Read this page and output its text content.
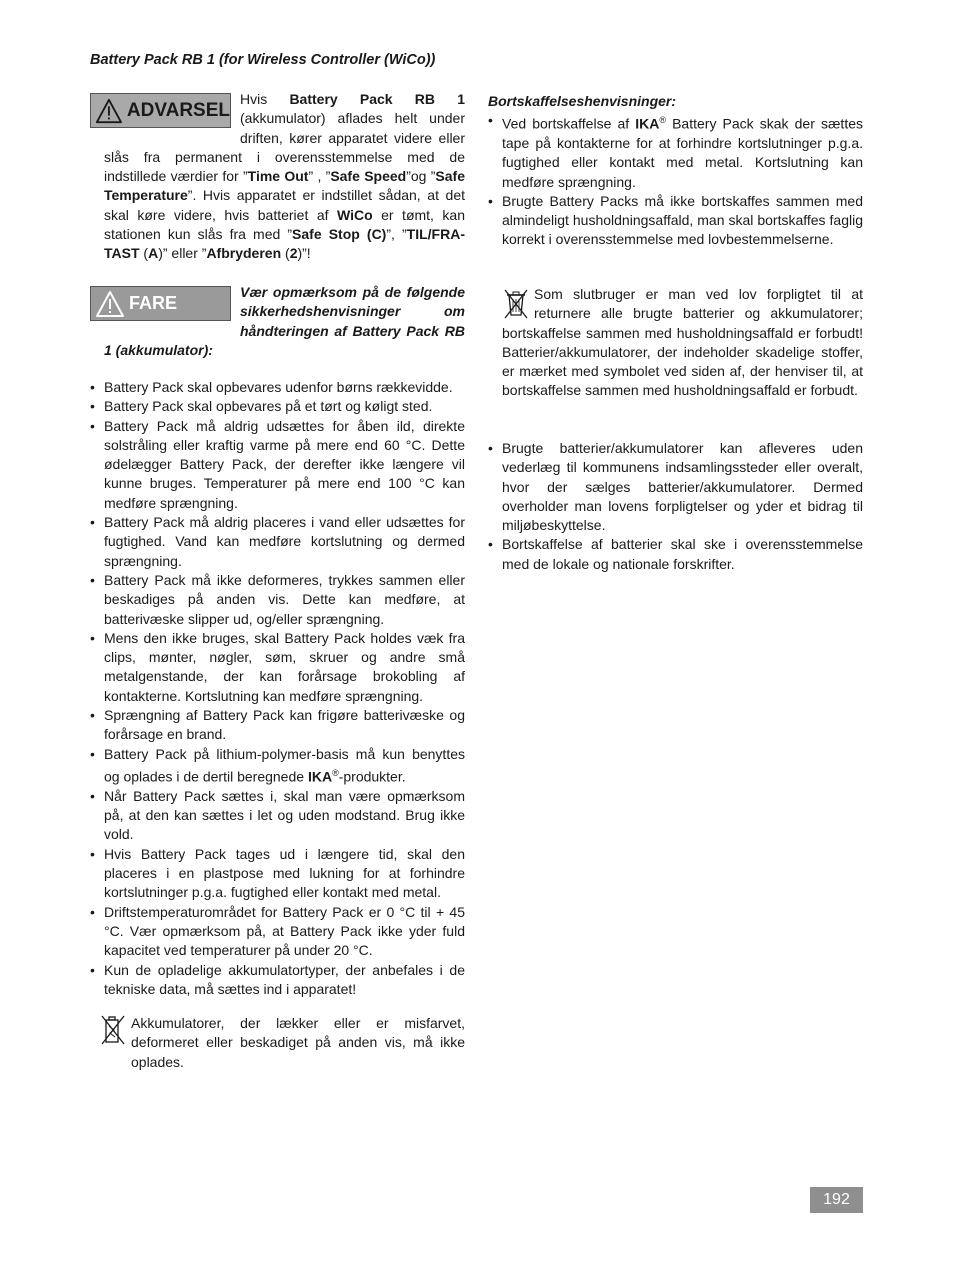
Battery Pack RB 1 (for Wireless Controller (WiCo))
ADVARSEL
Hvis Battery Pack RB 1 (akkumulator) aflades helt under driften, kører apparatet videre eller slås fra permanent i overensstemmelse med de indstillede værdier for ”Time Out” , ”Safe Speed”og ”Safe Temperature”. Hvis apparatet er indstillet sådan, at det skal køre videre, hvis batteriet af WiCo er tømt, kan stationen kun slås fra med ”Safe Stop (C)”, ”TIL/FRA-TAST (A)” eller ”Afbryderen (2)”!
FARE
Vær opmærksom på de følgende sikkerhedshenvisninger om håndteringen af Battery Pack RB 1 (akkumulator):
• Battery Pack skal opbevares udenfor børns rækkevidde.
• Battery Pack skal opbevares på et tørt og køligt sted.
• Battery Pack må aldrig udsættes for åben ild, direkte solstråling eller kraftig varme på mere end 60 °C. Dette ødelægger Battery Pack, der derefter ikke længere vil kunne bruges. Temperaturer på mere end 100 °C kan medføre sprængning.
• Battery Pack må aldrig placeres i vand eller udsættes for fugtighed. Vand kan medføre kortslutning og dermed sprængning.
• Battery Pack må ikke deformeres, trykkes sammen eller beskadiges på anden vis. Dette kan medføre, at batterivæske slipper ud, og/eller sprængning.
• Mens den ikke bruges, skal Battery Pack holdes væk fra clips, mønter, nøgler, søm, skruer og andre små metalgenstande, der kan forårsage brokobling af kontakterne. Kortslutning kan medføre sprængning.
• Sprængning af Battery Pack kan frigøre batterivæske og forårsage en brand.
• Battery Pack på lithium-polymer-basis må kun benyttes og oplades i de dertil beregnede IKA®-produkter.
• Når Battery Pack sættes i, skal man være opmærksom på, at den kan sættes i let og uden modstand. Brug ikke vold.
• Hvis Battery Pack tages ud i længere tid, skal den placeres i en plastpose med lukning for at forhindre kortslutninger p.g.a. fugtighed eller kontakt med metal.
• Driftstemperaturområdet for Battery Pack er 0 °C til + 45 °C. Vær opmærksom på, at Battery Pack ikke yder fuld kapacitet ved temperaturer på under 20 °C.
• Kun de opladelige akkumulatortyper, der anbefales i de tekniske data, må sættes ind i apparatet!
Akkumulatorer, der lækker eller er misfarvet, deformeret eller beskadiget på anden vis, må ikke oplades.
Bortskaffelseshenvisninger:
• Ved bortskaffelse af IKA® Battery Pack skak der sættes tape på kontakterne for at forhindre kortslutninger p.g.a. fugtighed eller kontakt med metal. Kortslutning kan medføre sprængning.
• Brugte Battery Packs må ikke bortskaffes sammen med almindeligt husholdningsaffald, man skal bortskaffes faglig korrekt i overensstemmelse med lovbestemmelserne.
Som slutbruger er man ved lov forpligtet til at returnere alle brugte batterier og akkumulatorer; bortskaffelse sammen med husholdningsaffald er forbudt! Batterier/akkumulatorer, der indeholder skadelige stoffer, er mærket med symbolet ved siden af, der henviser til, at bortskaffelse sammen med husholdningsaffald er forbudt.
• Brugte batterier/akkumulatorer kan afleveres uden vederlæg til kommunens indsamlingssteder eller overalt, hvor der sælges batterier/akkumulatorer. Dermed overholder man lovens forpligtelser og yder et bidrag til miljøbeskyttelse.
• Bortskaffelse af batterier skal ske i overensstemmelse med de lokale og nationale forskrifter.
192
